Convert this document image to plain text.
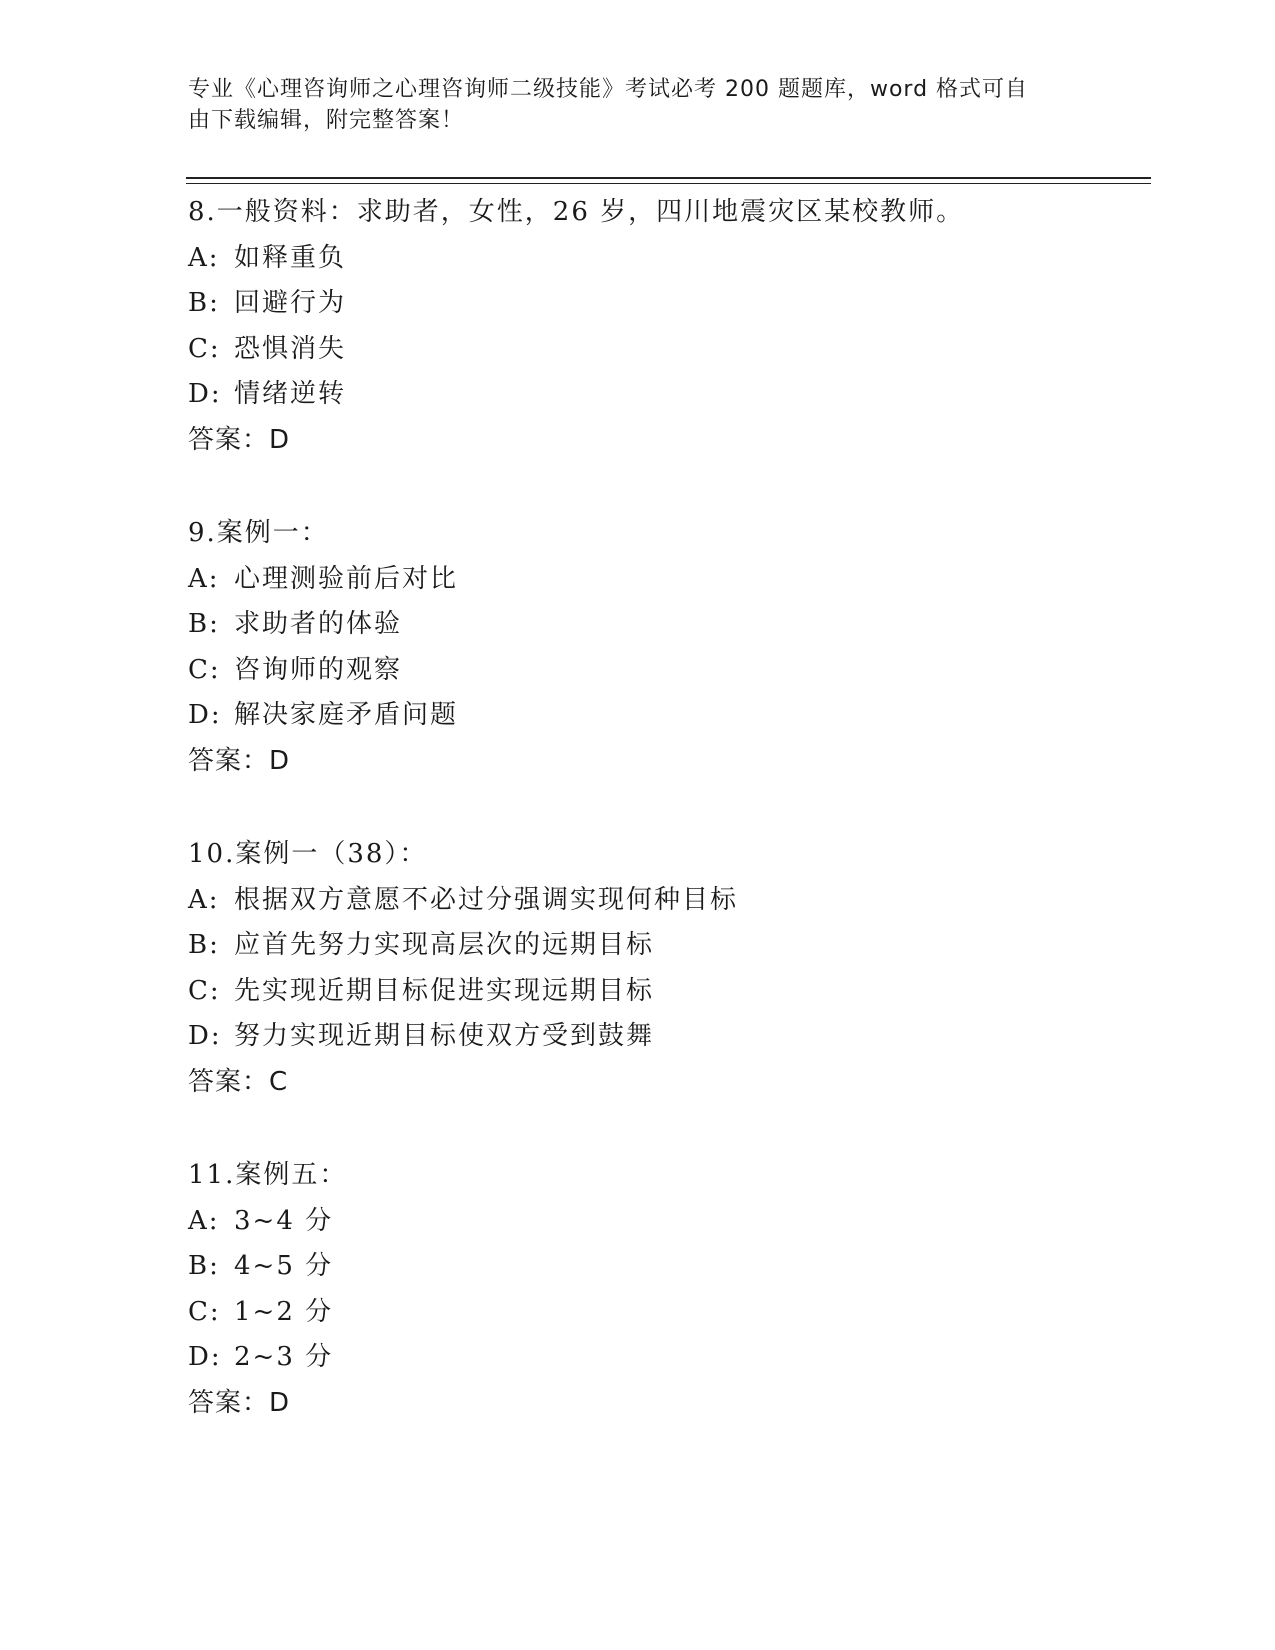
专业《心理咨询师之心理咨询师二级技能》考试必考 200 题题库，word 格式可自
由下载编辑，附完整答案！
8.一般资料：求助者，女性，26 岁，四川地震灾区某校教师。
A: 如释重负
B: 回避行为
C: 恐惧消失
D: 情绪逆转
答案：D
9.案例一：
A: 心理测验前后对比
B: 求助者的体验
C: 咨询师的观察
D: 解决家庭矛盾问题
答案：D
10.案例一（38）：
A: 根据双方意愿不必过分强调实现何种目标
B: 应首先努力实现高层次的远期目标
C: 先实现近期目标促进实现远期目标
D: 努力实现近期目标使双方受到鼓舞
答案：C
11.案例五：
A: 3~4 分
B: 4~5 分
C: 1~2 分
D: 2~3 分
答案：D
